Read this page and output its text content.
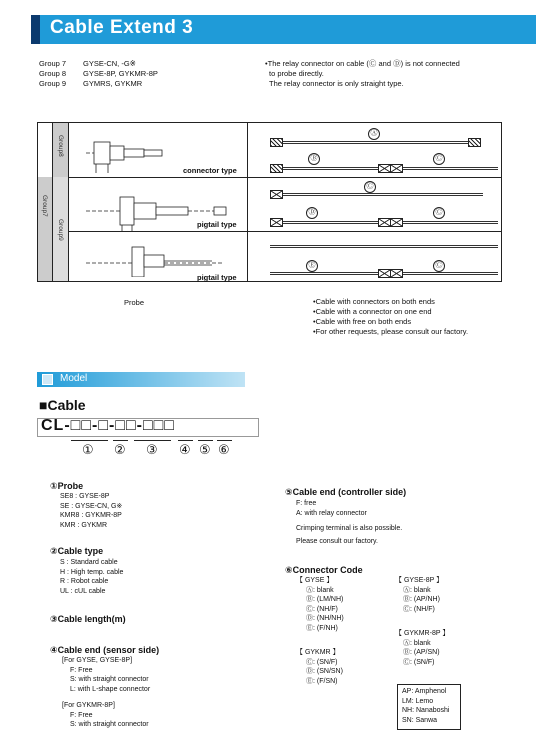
Cable Extend 3
Group 7 GYSE-CN, -G※
Group 8 GYSE-8P, GYKMR-8P
Group 9 GYMRS, GYKMR
•The relay connector on cable (Ⓒ and Ⓓ) is not connected
to probe directly.
The relay connector is only straight type.
Group8
Group7
Group9
connector type
pigtail type
pigtail type
Ⓐ
Ⓑ	Ⓒ
Ⓒ
Ⓓ	Ⓒ
Ⓔ	Ⓒ
Probe	•Cable with connectors on both ends
•Cable with a connector on one end
•Cable with free on both ends
•For other requests, please consult our factory.
Model
■Cable
CL-□□-□-□□-□□□
① ② ③ ④ ⑤ ⑥
①Probe
SE8 : GYSE-8P
SE : GYSE-CN, G※
KMR8 : GYKMR-8P
KMR : GYKMR
②Cable type
S : Standard cable
H : High temp. cable
R : Robot cable
UL : cUL cable
③Cable length(m)
④Cable end (sensor side)
[For GYSE, GYSE-8P]
F: Free
S: with straight connector
L: with L-shape connector
[For GYKMR-8P]
F: Free
S: with straight connector
⑤Cable end (controller side)
F: free
A: with relay connector
Crimping terminal is also possible.
Please consult our factory.
⑥Connector Code
【 GYSE 】
Ⓐ: blank
Ⓑ: (LM/NH)
Ⓒ: (NH/F)
Ⓓ: (NH/NH)
Ⓔ: (F/NH)
【 GYSE-8P 】
Ⓐ: blank
Ⓑ: (AP/NH)
Ⓒ: (NH/F)
【 GYKMR-8P 】
Ⓐ: blank
Ⓑ: (AP/SN)
Ⓒ: (SN/F)
【 GYKMR 】
Ⓒ: (SN/F)
Ⓓ: (SN/SN)
Ⓔ: (F/SN)
AP: Amphenol
LM: Lemo
NH: Nanaboshi
SN: Sanwa
